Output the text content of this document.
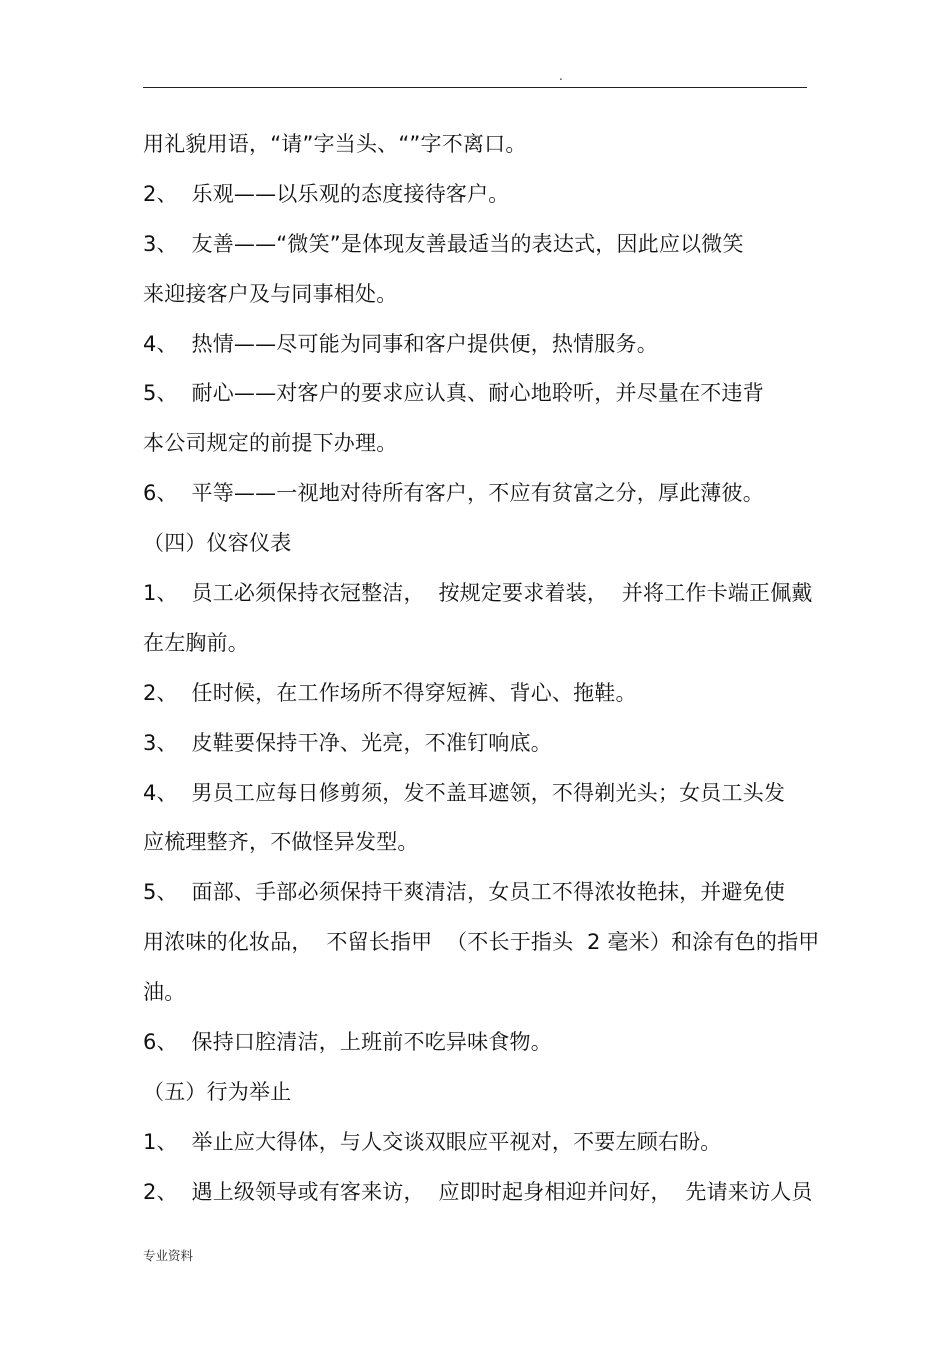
.
用礼貌用语，“请”字当头、“”字不离口。
2、  乐观——以乐观的态度接待客户。
3、  友善——“微笑”是体现友善最适当的表达式，因此应以微笑
来迎接客户及与同事相处。
4、  热情——尽可能为同事和客户提供便，热情服务。
5、  耐心——对客户的要求应认真、耐心地聆听，并尽量在不违背
本公司规定的前提下办理。
6、  平等——一视地对待所有客户，不应有贫富之分，厚此薄彼。
（四）仪容仪表
1、  员工必须保持衣冠整洁，  按规定要求着装，  并将工作卡端正佩戴
在左胸前。
2、  任时候，在工作场所不得穿短裤、背心、拖鞋。
3、  皮鞋要保持干净、光亮，不准钉响底。
4、  男员工应每日修剪须，发不盖耳遮领，不得剃光头；女员工头发
应梳理整齐，不做怪异发型。
5、  面部、手部必须保持干爽清洁，女员工不得浓妆艳抹，并避免使
用浓味的化妆品，  不留长指甲  （不长于指头  2 毫米）和涂有色的指甲
油。
6、  保持口腔清洁，上班前不吃异味食物。
（五）行为举止
1、  举止应大得体，与人交谈双眼应平视对，不要左顾右盼。
2、  遇上级领导或有客来访，  应即时起身相迎并问好，  先请来访人员
专业资料
